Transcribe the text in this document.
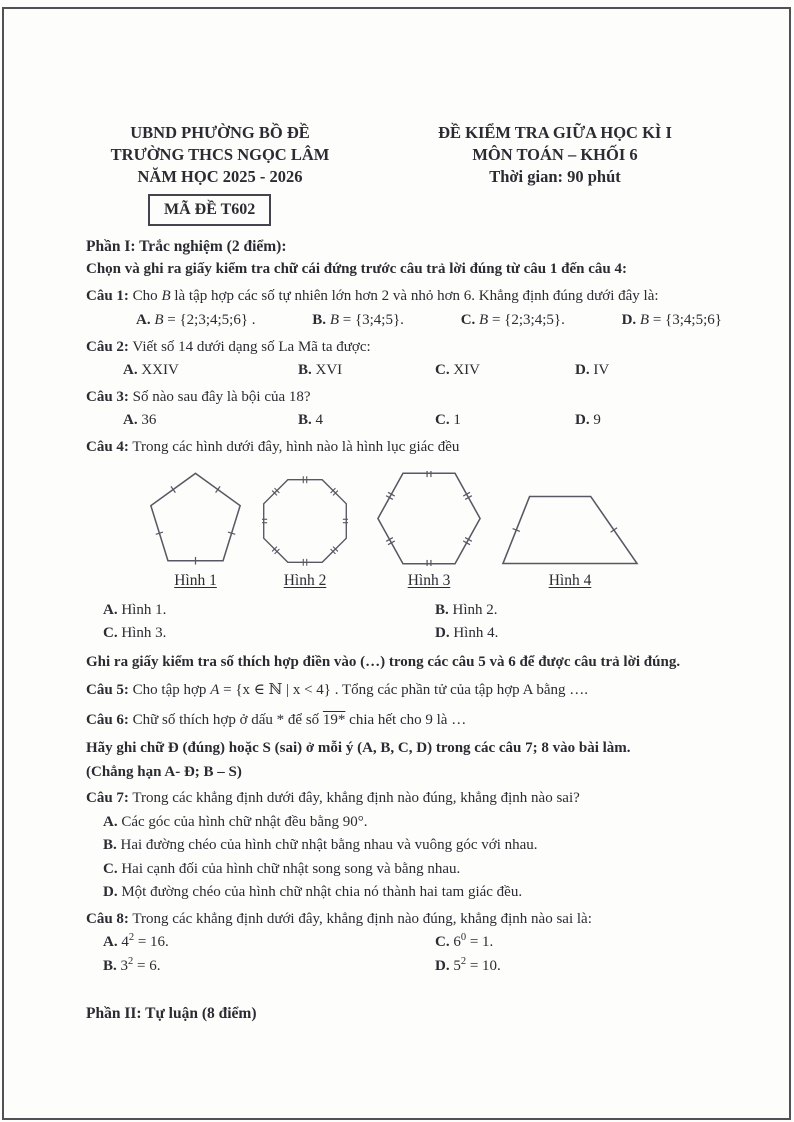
UBND PHƯỜNG BỒ ĐỀ
TRƯỜNG THCS NGỌC LÂM
NĂM HỌC 2025 - 2026
ĐỀ KIỂM TRA GIỮA HỌC KÌ I
MÔN TOÁN – KHỐI 6
Thời gian: 90 phút
MÃ ĐỀ T602
Phần I: Trắc nghiệm (2 điểm):
Chọn và ghi ra giấy kiểm tra chữ cái đứng trước câu trả lời đúng từ câu 1 đến câu 4:
Câu 1: Cho B là tập hợp các số tự nhiên lớn hơn 2 và nhỏ hơn 6. Khẳng định đúng dưới đây là:
A. B = {2;3;4;5;6} .	B. B = {3;4;5}.	C. B = {2;3;4;5}.	D. B = {3;4;5;6}
Câu 2: Viết số 14 dưới dạng số La Mã ta được:
A. XXIV	B. XVI	C. XIV	D. IV
Câu 3: Số nào sau đây là bội của 18?
A. 36	B. 4	C. 1	D. 9
Câu 4: Trong các hình dưới đây, hình nào là hình lục giác đều
Hình 1	Hình 2	Hình 3	Hình 4
A. Hình 1.	B. Hình 2.
C. Hình 3.	D. Hình 4.
Ghi ra giấy kiểm tra số thích hợp điền vào (…) trong các câu 5 và 6 để được câu trả lời đúng.
Câu 5: Cho tập hợp A = {x ∈ ℕ | x < 4} . Tổng các phần tử của tập hợp A bằng ….
Câu 6: Chữ số thích hợp ở dấu * để số 19* chia hết cho 9 là …
Hãy ghi chữ Đ (đúng) hoặc S (sai) ở mỗi ý (A, B, C, D) trong các câu 7; 8 vào bài làm.
(Chẳng hạn A- Đ; B – S)
Câu 7: Trong các khẳng định dưới đây, khẳng định nào đúng, khẳng định nào sai?
A. Các góc của hình chữ nhật đều bằng 90°.
B. Hai đường chéo của hình chữ nhật bằng nhau và vuông góc với nhau.
C. Hai cạnh đối của hình chữ nhật song song và bằng nhau.
D. Một đường chéo của hình chữ nhật chia nó thành hai tam giác đều.
Câu 8: Trong các khẳng định dưới đây, khẳng định nào đúng, khẳng định nào sai là:
A. $4^2 = 16$.	C. $6^0 = 1$.
B. $3^2 = 6$.	D. $5^2 = 10$.
Phần II: Tự luận (8 điểm)
